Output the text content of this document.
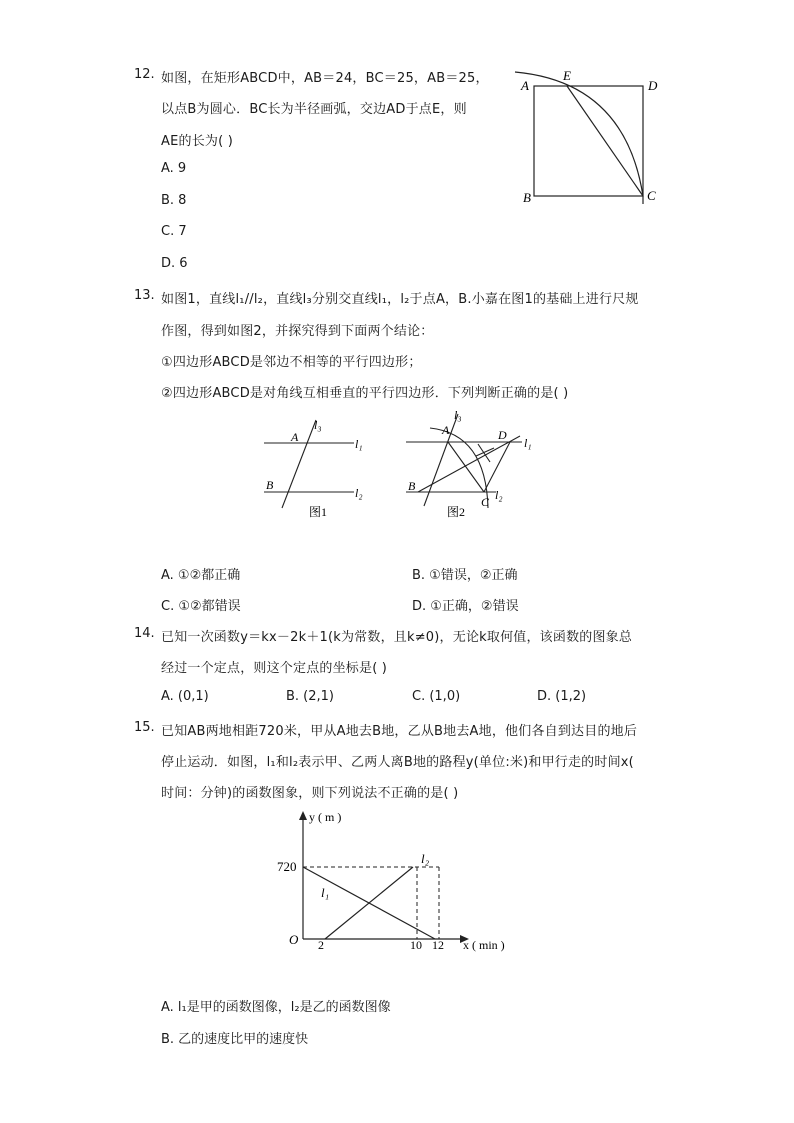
12. 如图，在矩形ABCD中，AB＝24，BC＝25，AB＝25，
以点B为圆心．BC长为半径画弧，交边AD于点E，则
AE的长为( )
A. 9
B. 8
C. 7
D. 6
A
E
D
B	C
13. 如图1，直线l₁//l₂，直线l₃分别交直线l₁，l₂于点A，B.小嘉在图1的基础上进行尺规
作图，得到如图2，并探究得到下面两个结论：
①四边形ABCD是邻边不相等的平行四边形；
②四边形ABCD是对角线互相垂直的平行四边形．下列判断正确的是( )
l₃
A	l₁
B
l₂
图1
l₃
A	D
l₁
B
l₂
C
图2
A. ①②都正确	B. ①错误，②正确
C. ①②都错误	D. ①正确，②错误
14. 已知一次函数y＝kx－2k＋1(k为常数，且k≠0)，无论k取何值，该函数的图象总
经过一个定点，则这个定点的坐标是( )
A. (0,1)	B. (2,1)	C. (1,0)	D. (1,2)
15. 已知AB两地相距720米，甲从A地去B地，乙从B地去A地，他们各自到达目的地后
停止运动．如图，l₁和l₂表示甲、乙两人离B地的路程y(单位:米)和甲行走的时间x(
时间：分钟)的函数图象，则下列说法不正确的是( )
y ( m )
x ( min )
O
720
2	10 12
l₁
l₂
A. l₁是甲的函数图像，l₂是乙的函数图像
B. 乙的速度比甲的速度快
